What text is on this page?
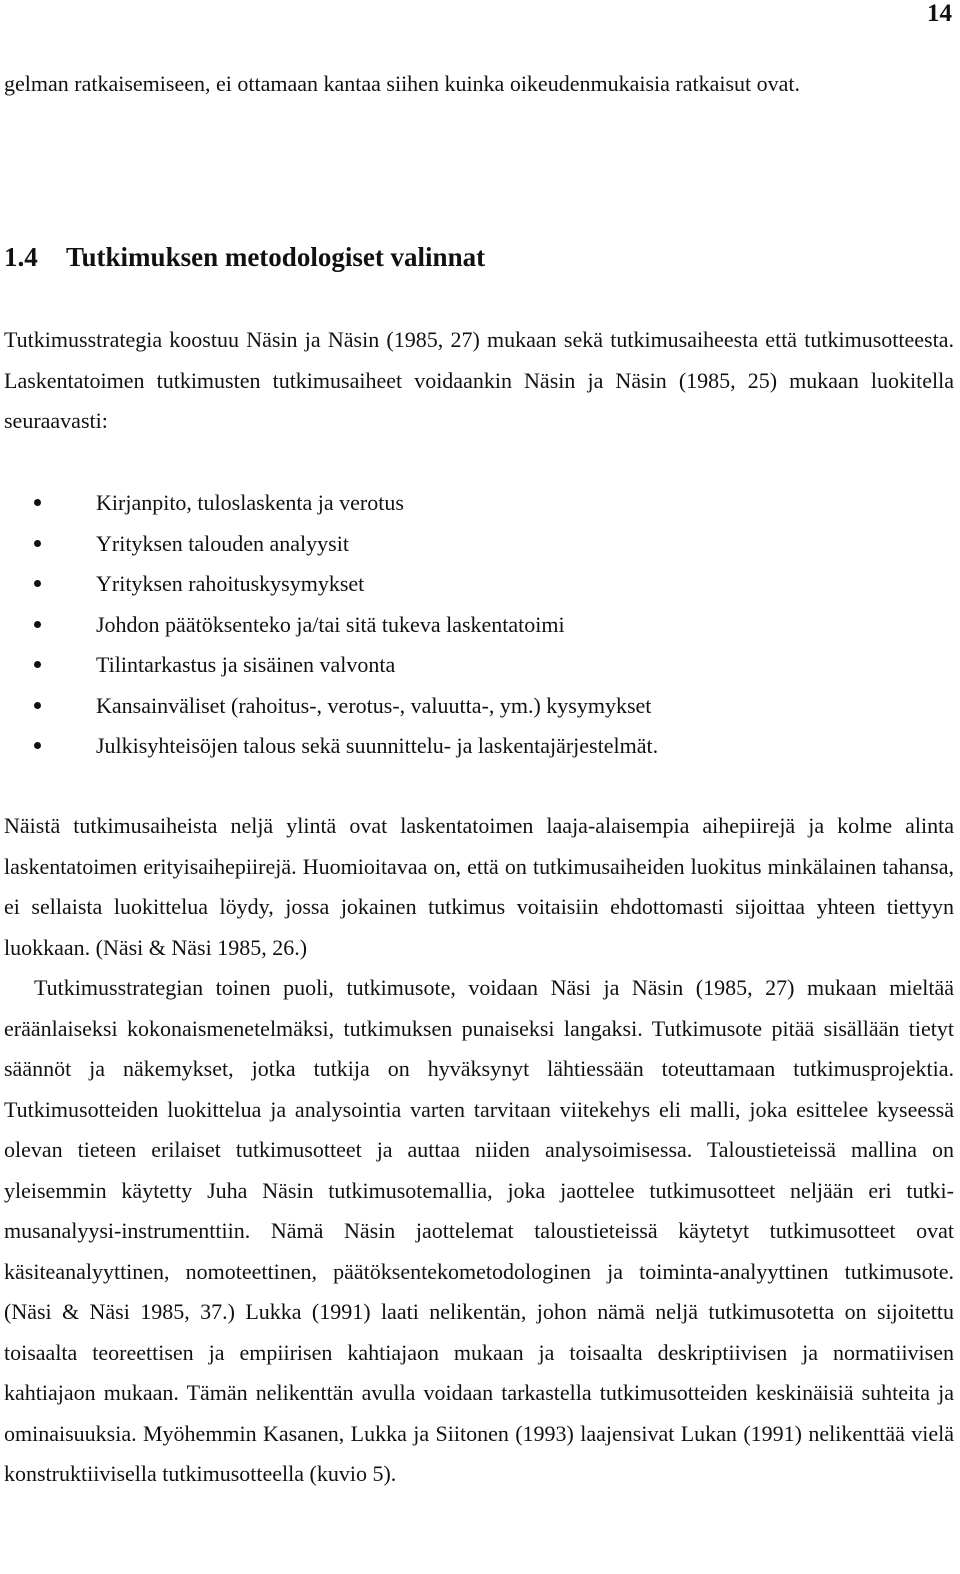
14

gelman ratkaisemiseen, ei ottamaan kantaa siihen kuinka oikeudenmukaisia ratkaisut ovat.

1.4 Tutkimuksen metodologiset valinnat

Tutkimusstrategia koostuu Näsin ja Näsin (1985, 27) mukaan sekä tutkimusaiheesta että tutkimusotteesta. Laskentatoimen tutkimusten tutkimusaiheet voidaankin Näsin ja Näsin (1985, 25) mukaan luokitella seuraavasti:

Kirjanpito, tuloslaskenta ja verotus
Yrityksen talouden analyysit
Yrityksen rahoituskysymykset
Johdon päätöksenteko ja/tai sitä tukeva laskentatoimi
Tilintarkastus ja sisäinen valvonta
Kansainväliset (rahoitus-, verotus-, valuutta-, ym.) kysymykset
Julkisyhteisöjen talous sekä suunnittelu- ja laskentajärjestelmät.

Näistä tutkimusaiheista neljä ylintä ovat laskentatoimen laaja-alaisempia aihepiirejä ja kolme alinta laskentatoimen erityisaihepiirejä. Huomioitavaa on, että on tutkimusaiheiden luokitus minkälainen tahansa, ei sellaista luokittelua löydy, jossa jokainen tutkimus voitaisiin ehdottomasti sijoittaa yhteen tiettyyn luokkaan. (Näsi & Näsi 1985, 26.)

Tutkimusstrategian toinen puoli, tutkimusote, voidaan Näsi ja Näsin (1985, 27) mukaan mieltää eräänlaiseksi kokonaismenetelmäksi, tutkimuksen punaiseksi langaksi. Tutkimusote pitää sisällään tietyt säännöt ja näkemykset, jotka tutkija on hyväksynyt lähtiessään toteuttamaan tutkimusprojektia. Tutkimusotteiden luokittelua ja analysointia varten tarvitaan viitekehys eli malli, joka esittelee kyseessä olevan tieteen erilaiset tutkimusotteet ja auttaa niiden analysoimisessa. Taloustieteissä mallina on yleisemmin käytetty Juha Näsin tutkimusotemallia, joka jaottelee tutkimusotteet neljään eri tutkimusanalyysi-instrumenttiin. Nämä Näsin jaottelemat taloustieteissä käytetyt tutkimusotteet ovat käsiteanalyyttinen, nomoteettinen, päätöksentekometodologinen ja toiminta-analyyttinen tutkimusote. (Näsi & Näsi 1985, 37.) Lukka (1991) laati nelikentän, johon nämä neljä tutkimusotetta on sijoitettu toisaalta teoreettisen ja empiirisen kahtiajaon mukaan ja toisaalta deskriptiivisen ja normatiivisen kahtiajaon mukaan. Tämän nelikenttän avulla voidaan tarkastella tutkimusotteiden keskinäisiä suhteita ja ominaisuuksia. Myöhemmin Kasanen, Lukka ja Siitonen (1993) laajensivat Lukan (1991) nelikenttää vielä konstruktiivisella tutkimusotteella (kuvio 5).
